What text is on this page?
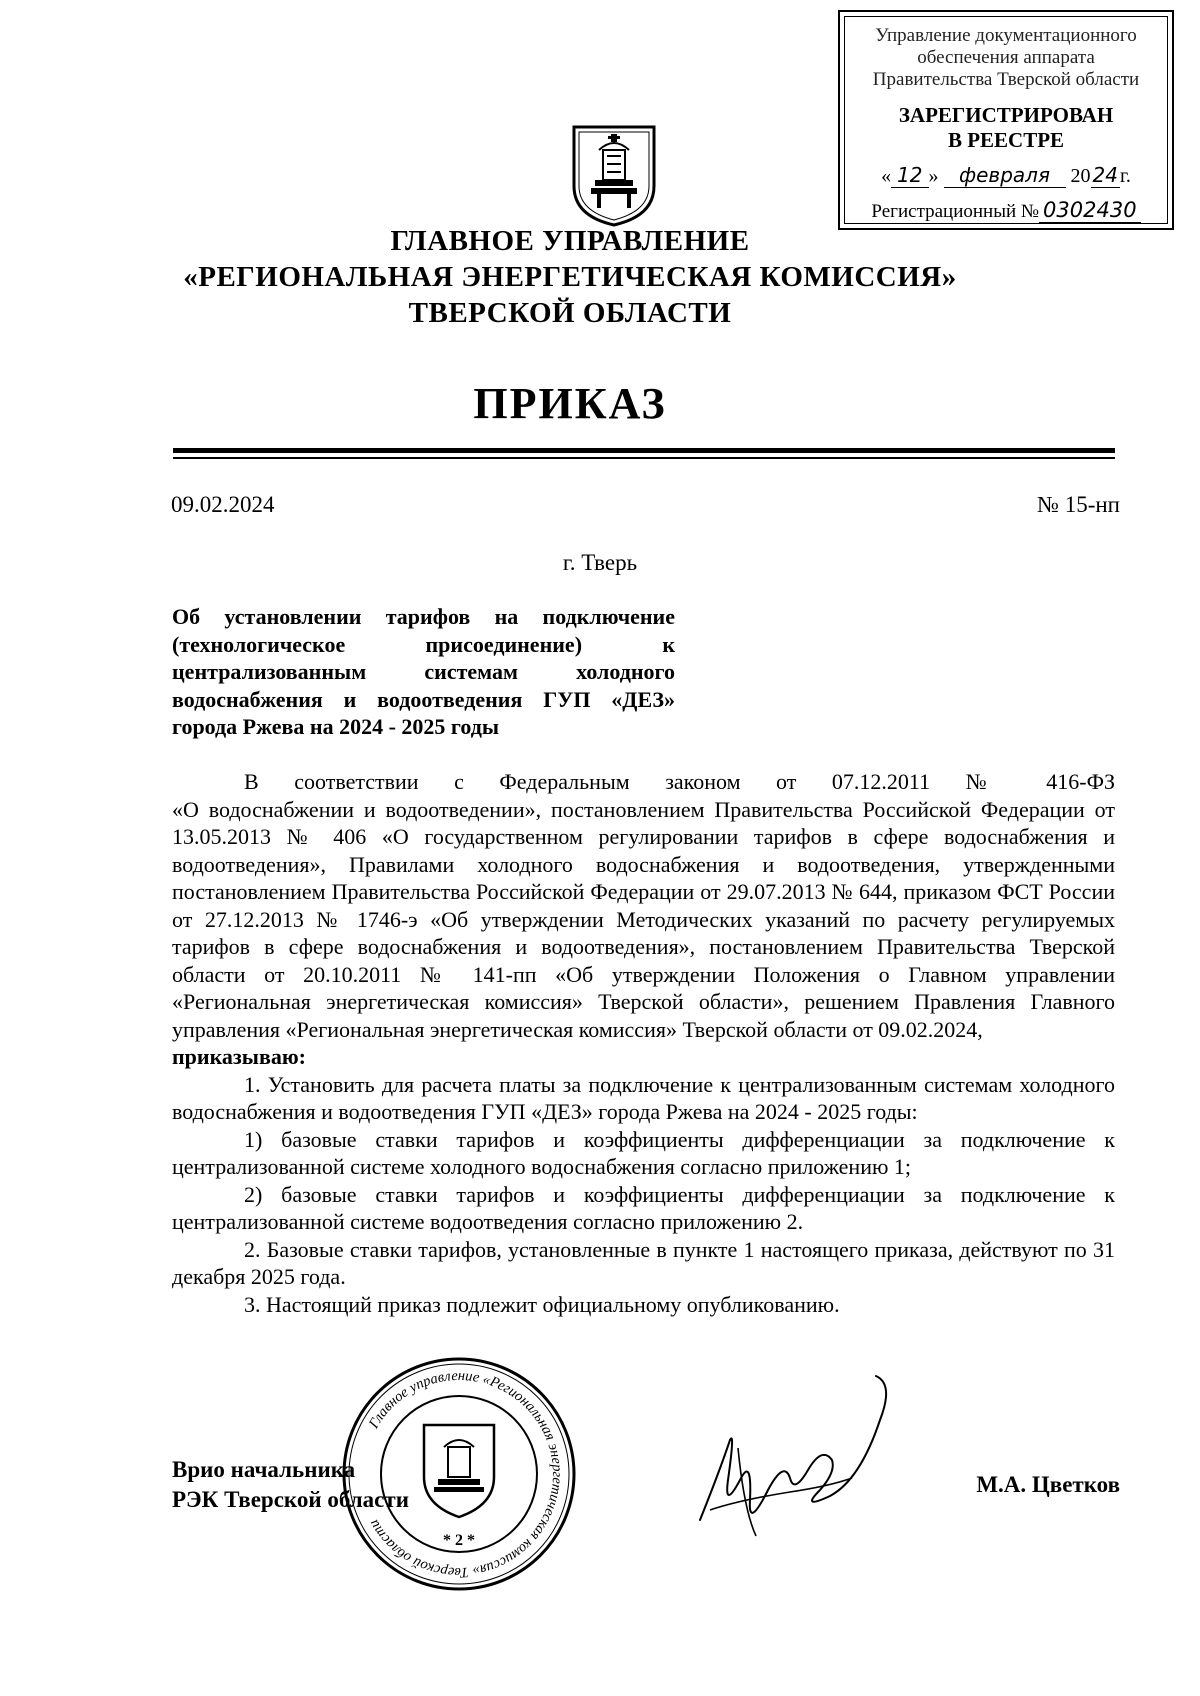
Управление документационного
обеспечения аппарата
Правительства Тверской области
ЗАРЕГИСТРИРОВАН
В РЕЕСТРЕ
« 12 » февраля 20 24 г.
Регистрационный № 0302430
ГЛАВНОЕ УПРАВЛЕНИЕ
«РЕГИОНАЛЬНАЯ ЭНЕРГЕТИЧЕСКАЯ КОМИССИЯ»
ТВЕРСКОЙ ОБЛАСТИ
ПРИКАЗ
09.02.2024	№ 15-нп
г. Тверь
Об установлении тарифов на подключение
(технологическое присоединение) к
централизованным системам холодного
водоснабжения и водоотведения ГУП «ДЕЗ»
города Ржева на 2024 - 2025 годы
В соответствии с Федеральным законом от 07.12.2011 № 416-ФЗ
«О водоснабжении и водоотведении», постановлением Правительства Российской Федерации от 13.05.2013 № 406 «О государственном регулировании тарифов в сфере водоснабжения и водоотведения», Правилами холодного водоснабжения и водоотведения, утвержденными постановлением Правительства Российской Федерации от 29.07.2013 № 644, приказом ФСТ России от 27.12.2013 № 1746-э «Об утверждении Методических указаний по расчету регулируемых тарифов в сфере водоснабжения и водоотведения», постановлением Правительства Тверской области от 20.10.2011 № 141-пп «Об утверждении Положения о Главном управлении «Региональная энергетическая комиссия» Тверской области», решением Правления Главного управления «Региональная энергетическая комиссия» Тверской области от 09.02.2024,
приказываю:
1. Установить для расчета платы за подключение к централизованным системам холодного водоснабжения и водоотведения ГУП «ДЕЗ» города Ржева на 2024 - 2025 годы:
1) базовые ставки тарифов и коэффициенты дифференциации за подключение к централизованной системе холодного водоснабжения согласно приложению 1;
2) базовые ставки тарифов и коэффициенты дифференциации за подключение к централизованной системе водоотведения согласно приложению 2.
2. Базовые ставки тарифов, установленные в пункте 1 настоящего приказа, действуют по 31 декабря 2025 года.
3. Настоящий приказ подлежит официальному опубликованию.
Главное управление «Региональная энергетическая комиссия» Тверской области
* 2 *
Врио начальника
РЭК Тверской области
М.А. Цветков
